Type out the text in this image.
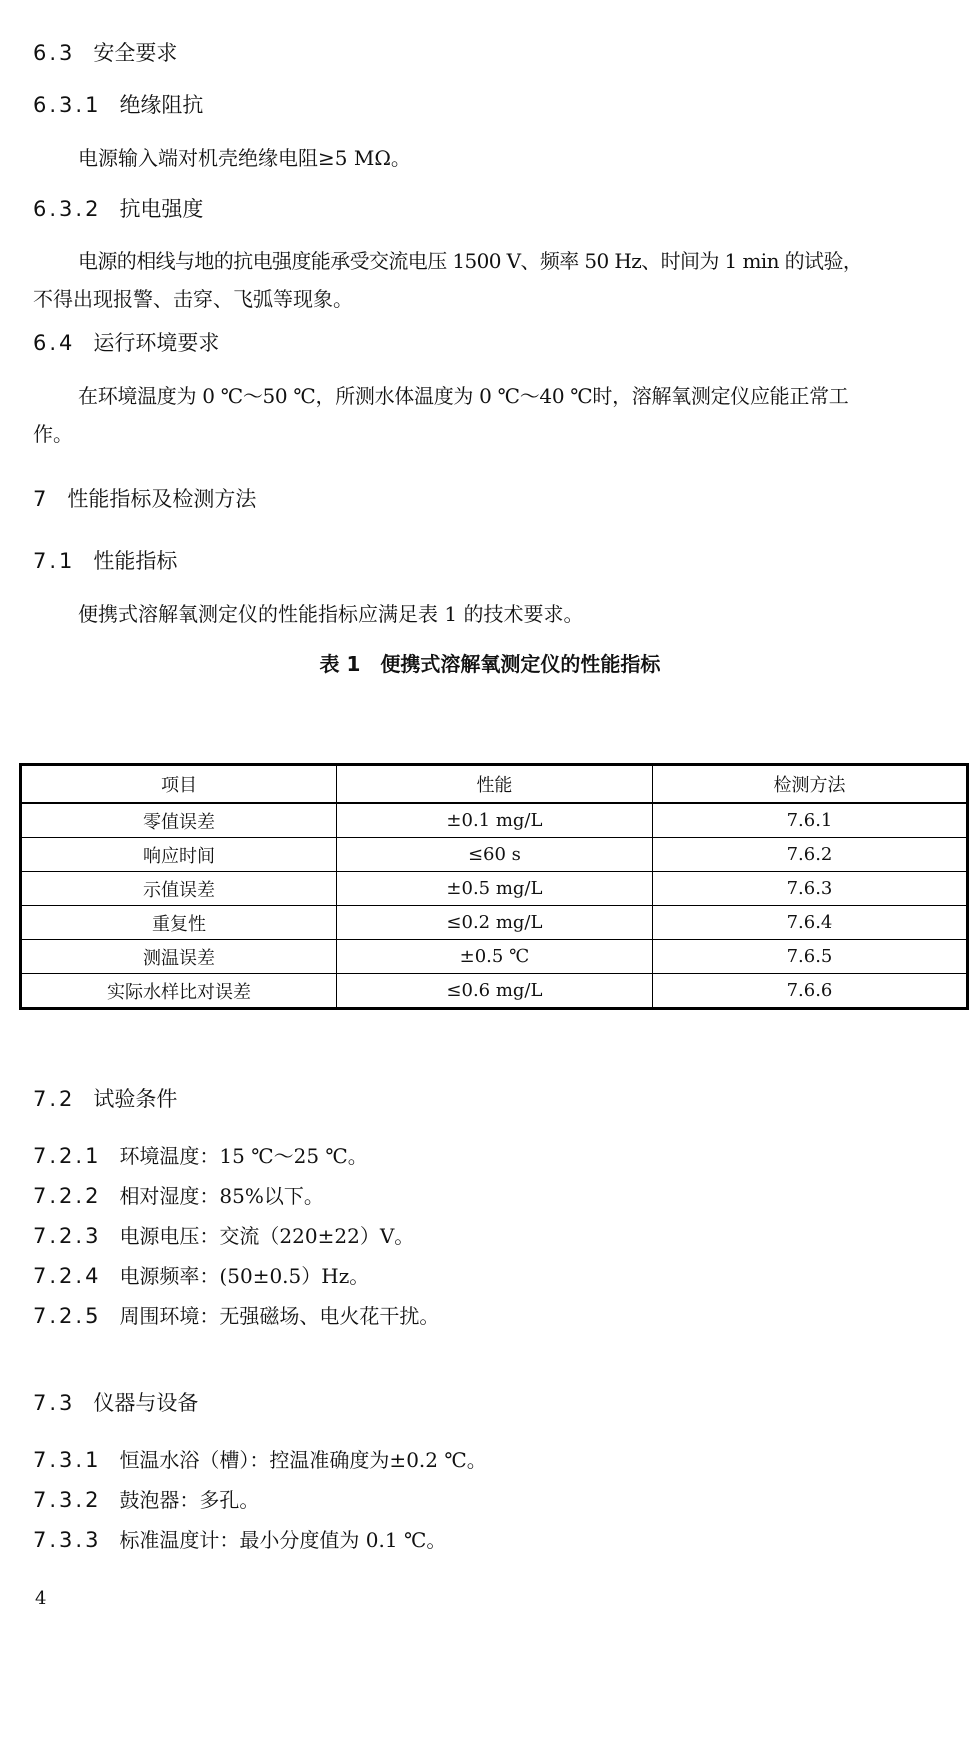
6.3 安全要求
6.3.1 绝缘阻抗
电源输入端对机壳绝缘电阻≥5 MΩ。
6.3.2 抗电强度
电源的相线与地的抗电强度能承受交流电压 1500 V、频率 50 Hz、时间为 1 min 的试验，
不得出现报警、击穿、飞弧等现象。
6.4 运行环境要求
在环境温度为 0 ℃～50 ℃，所测水体温度为 0 ℃～40 ℃时，溶解氧测定仪应能正常工
作。
7 性能指标及检测方法
7.1 性能指标
便携式溶解氧测定仪的性能指标应满足表 1 的技术要求。
表 1　便携式溶解氧测定仪的性能指标
项目	性能	检测方法
零值误差	±0.1 mg/L	7.6.1
响应时间	≤60 s	7.6.2
示值误差	±0.5 mg/L	7.6.3
重复性	≤0.2 mg/L	7.6.4
测温误差	±0.5 ℃	7.6.5
实际水样比对误差	≤0.6 mg/L	7.6.6
7.2 试验条件
7.2.1 环境温度：15 ℃～25 ℃。
7.2.2 相对湿度：85%以下。
7.2.3 电源电压：交流（220±22）V。
7.2.4 电源频率：(50±0.5）Hz。
7.2.5 周围环境：无强磁场、电火花干扰。
7.3 仪器与设备
7.3.1 恒温水浴（槽）：控温准确度为±0.2 ℃。
7.3.2 鼓泡器：多孔。
7.3.3 标准温度计：最小分度值为 0.1 ℃。
4
